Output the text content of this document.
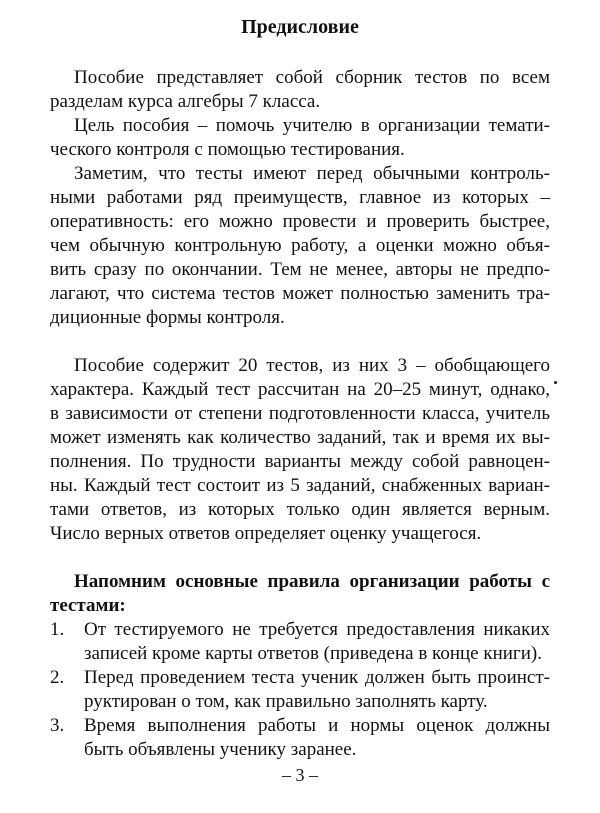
Предисловие
Пособие представляет собой сборник тестов по всем
разделам курса алгебры 7 класса.
Цель пособия – помочь учителю в организации темати-
ческого контроля с помощью тестирования.
Заметим, что тесты имеют перед обычными контроль-
ными работами ряд преимуществ, главное из которых –
оперативность: его можно провести и проверить быстрее,
чем обычную контрольную работу, а оценки можно объя-
вить сразу по окончании. Тем не менее, авторы не предпо-
лагают, что система тестов может полностью заменить тра-
диционные формы контроля.
Пособие содержит 20 тестов, из них 3 – обобщающего
характера. Каждый тест рассчитан на 20–25 минут, однако,
в зависимости от степени подготовленности класса, учитель
может изменять как количество заданий, так и время их вы-
полнения. По трудности варианты между собой равноцен-
ны. Каждый тест состоит из 5 заданий, снабженных вариан-
тами ответов, из которых только один является верным.
Число верных ответов определяет оценку учащегося.
Напомним основные правила организации работы с
тестами:
1. От тестируемого не требуется предоставления никаких
записей кроме карты ответов (приведена в конце книги).
2. Перед проведением теста ученик должен быть проинст-
руктирован о том, как правильно заполнять карту.
3. Время выполнения работы и нормы оценок должны
быть объявлены ученику заранее.
– 3 –
